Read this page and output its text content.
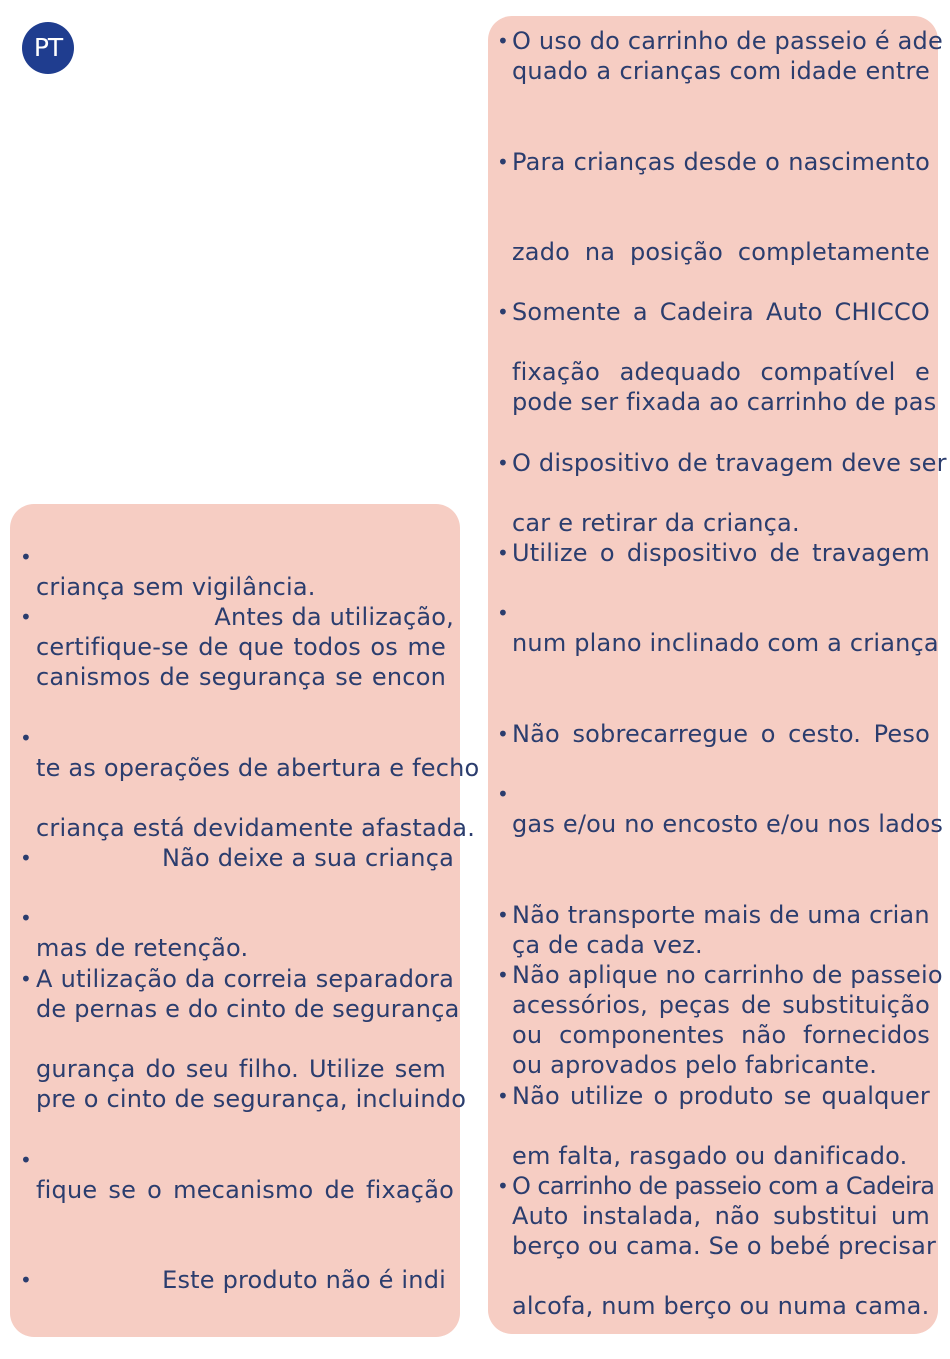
PT
•
criança sem vigilância.
•	Antes da utilização,
certifique-se de que todos os me
canismos de segurança se encon
•
te as operações de abertura e fecho
criança está devidamente afastada.
•	Não deixe a sua criança
•
mas de retenção.
• A utilização da correia separadora
de pernas e do cinto de segurança
gurança do seu filho. Utilize sem
pre o cinto de segurança, incluindo
•
fique se o mecanismo de fixação
•	Este produto não é indi
• O uso do carrinho de passeio é ade
quado a crianças com idade entre
• Para crianças desde o nascimento
zado na posição completamente
• Somente a Cadeira Auto CHICCO
fixação adequado compatível e
pode ser fixada ao carrinho de pas
• O dispositivo de travagem deve ser
car e retirar da criança.
• Utilize o dispositivo de travagem
•
num plano inclinado com a criança
• Não sobrecarregue o cesto. Peso
•
gas e/ou no encosto e/ou nos lados
• Não transporte mais de uma crian
ça de cada vez.
• Não aplique no carrinho de passeio
acessórios, peças de substituição
ou componentes não fornecidos
ou aprovados pelo fabricante.
• Não utilize o produto se qualquer
em falta, rasgado ou danificado.
• O carrinho de passeio com a Cadeira
Auto instalada, não substitui um
berço ou cama. Se o bebé precisar
alcofa, num berço ou numa cama.
